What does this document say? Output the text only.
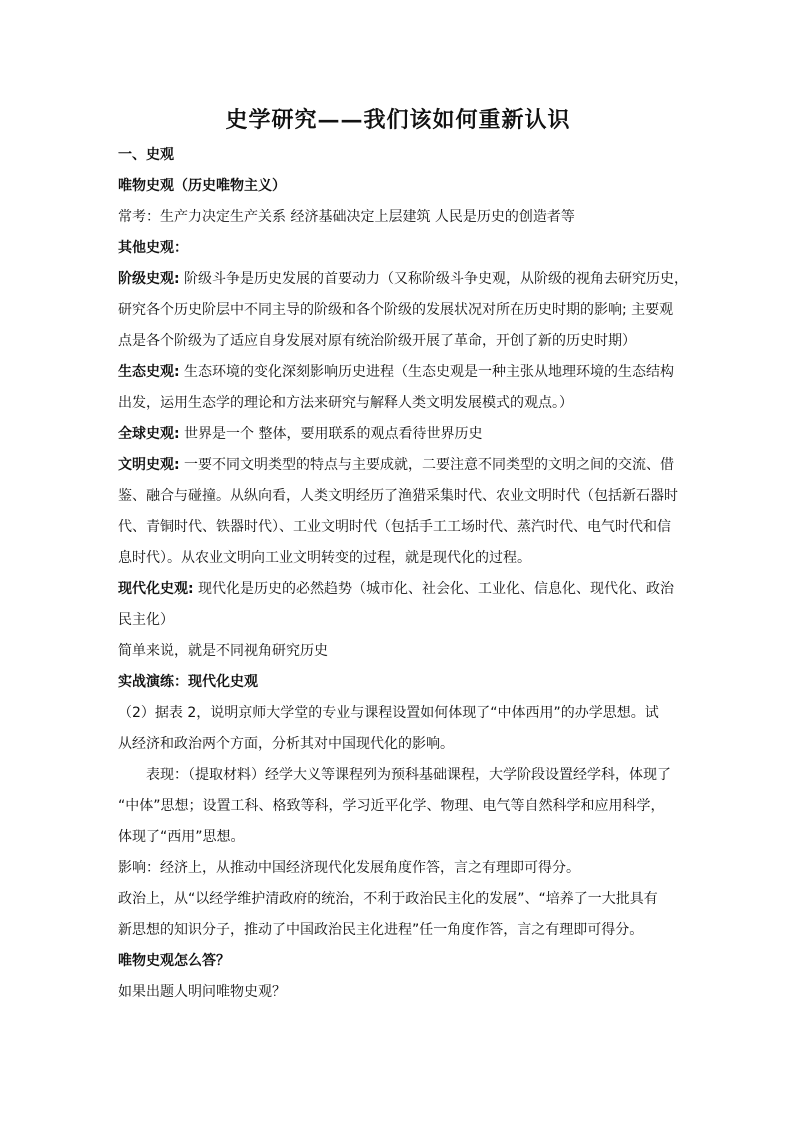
史学研究——我们该如何重新认识

一、史观

唯物史观（历史唯物主义）

常考：生产力决定生产关系 经济基础决定上层建筑 人民是历史的创造者等

其他史观：

阶级史观: 阶级斗争是历史发展的首要动力（又称阶级斗争史观，从阶级的视角去研究历史，

研究各个历史阶层中不同主导的阶级和各个阶级的发展状况对所在历史时期的影响; 主要观

点是各个阶级为了适应自身发展对原有统治阶级开展了革命，开创了新的历史时期）

生态史观: 生态环境的变化深刻影响历史进程（生态史观是一种主张从地理环境的生态结构

出发，运用生态学的理论和方法来研究与解释人类文明发展模式的观点。）

全球史观: 世界是一个 整体，要用联系的观点看待世界历史

文明史观: 一要不同文明类型的特点与主要成就，二要注意不同类型的文明之间的交流、借

鉴、融合与碰撞。从纵向看，人类文明经历了渔猎采集时代、农业文明时代（包括新石器时

代、青铜时代、铁器时代）、工业文明时代（包括手工工场时代、蒸汽时代、电气时代和信

息时代）。从农业文明向工业文明转变的过程，就是现代化的过程。

现代化史观: 现代化是历史的必然趋势（城市化、社会化、工业化、信息化、现代化、政治

民主化）

简单来说，就是不同视角研究历史

实战演练：现代化史观

（2）据表 2，说明京师大学堂的专业与课程设置如何体现了“中体西用”的办学思想。试

从经济和政治两个方面，分析其对中国现代化的影响。

表现：（提取材料）经学大义等课程列为预科基础课程，大学阶段设置经学科，体现了

“中体”思想；设置工科、格致等科，学习近平化学、物理、电气等自然科学和应用科学，

体现了“西用”思想。

影响：经济上，从推动中国经济现代化发展角度作答，言之有理即可得分。

政治上，从“以经学维护清政府的统治，不利于政治民主化的发展”、“培养了一大批具有

新思想的知识分子，推动了中国政治民主化进程”任一角度作答，言之有理即可得分。

唯物史观怎么答？

如果出题人明问唯物史观？
